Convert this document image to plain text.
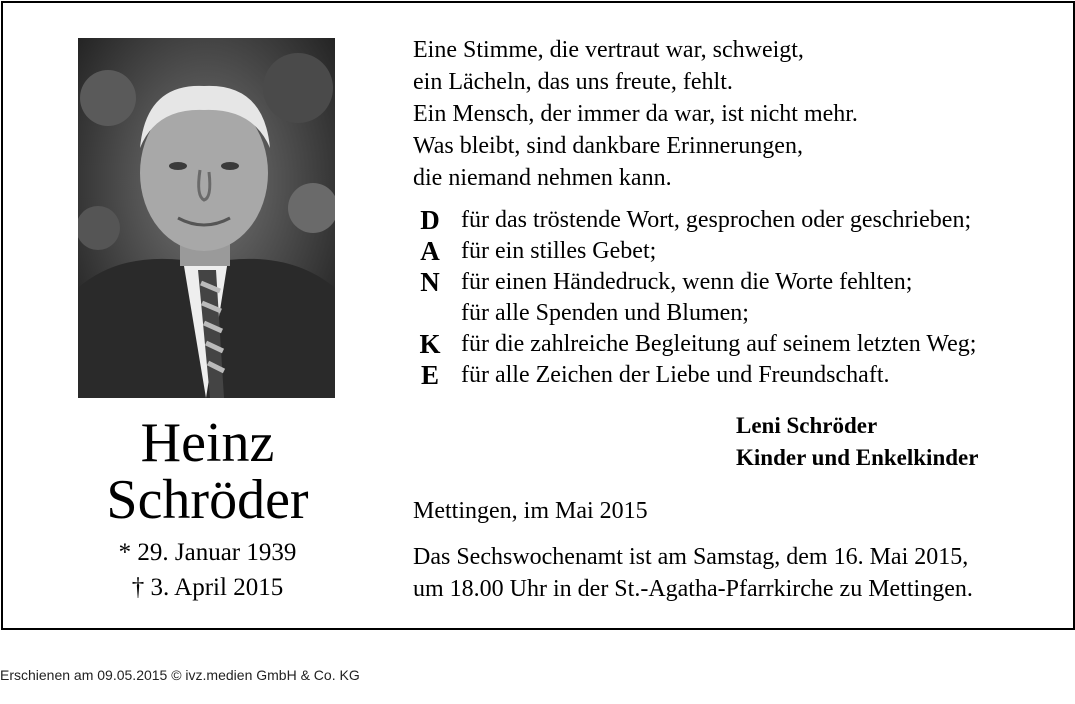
Heinz
Schröder
* 29. Januar 1939
† 3. April 2015
Eine Stimme, die vertraut war, schweigt,
ein Lächeln, das uns freute, fehlt.
Ein Mensch, der immer da war, ist nicht mehr.
Was bleibt, sind dankbare Erinnerungen,
die niemand nehmen kann.
D für das tröstende Wort, gesprochen oder geschrieben;
A für ein stilles Gebet;
N für einen Händedruck, wenn die Worte fehlten;
für alle Spenden und Blumen;
K für die zahlreiche Begleitung auf seinem letzten Weg;
E für alle Zeichen der Liebe und Freundschaft.
Leni Schröder
Kinder und Enkelkinder
Mettingen, im Mai 2015
Das Sechswochenamt ist am Samstag, dem 16. Mai 2015,
um 18.00 Uhr in der St.-Agatha-Pfarrkirche zu Mettingen.
Erschienen am 09.05.2015 © ivz.medien GmbH & Co. KG
